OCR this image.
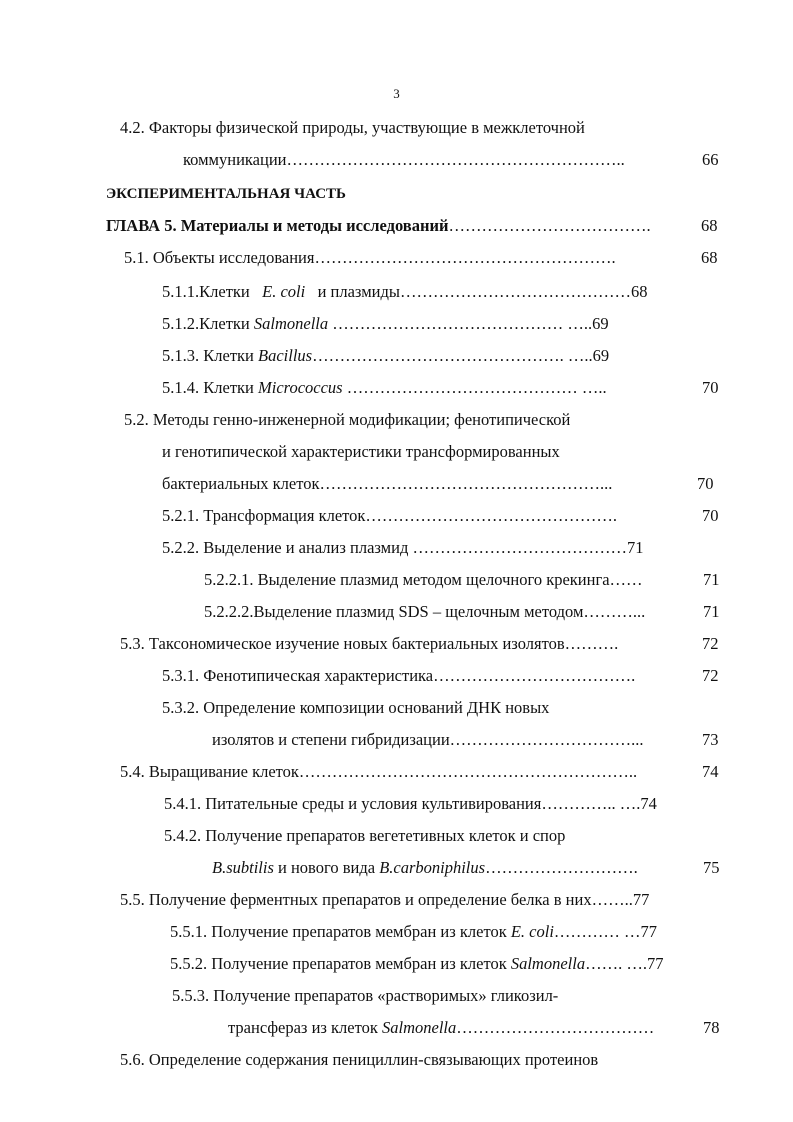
3
4.2. Факторы физической природы, участвующие в межклеточной
коммуникации……………………………………………………..	66
ЭКСПЕРИМЕНТАЛЬНАЯ ЧАСТЬ
ГЛАВА 5. Материалы и методы исследований……………………………….	68
5.1. Объекты исследования……………………………………………….	68
5.1.1.Клетки E. coli и плазмиды……………………………………68
5.1.2.Клетки Salmonella …………………………………… …..69
5.1.3. Клетки Bacillus………………………………………. …..69
5.1.4. Клетки Micrococcus …………………………………… …..	70
5.2. Методы генно-инженерной модификации; фенотипической
и генотипической характеристики трансформированных
бактериальных клеток……………………………………………...	70
5.2.1. Трансформация клеток……………………………………….	70
5.2.2. Выделение и анализ плазмид …………………………………71
5.2.2.1. Выделение плазмид методом щелочного крекинга……	71
5.2.2.2.Выделение плазмид SDS – щелочным методом………...	71
5.3. Таксономическое изучение новых бактериальных изолятов……….	72
5.3.1. Фенотипическая характеристика……………………………….	72
5.3.2. Определение композиции оснований ДНК новых
изолятов и степени гибридизации……………………………...	73
5.4. Выращивание клеток……………………………………………………..	74
5.4.1. Питательные среды и условия культивирования………….. ….74
5.4.2. Получение препаратов вегететивных клеток и спор
B.subtilis и нового вида B.carboniphilus……………………….	75
5.5. Получение ферментных препаратов и определение белка в них……..77
5.5.1. Получение препаратов мембран из клеток E. coli………… …77
5.5.2. Получение препаратов мембран из клеток Salmonella……. ….77
5.5.3. Получение препаратов «растворимых» гликозил-
трансфераз из клеток Salmonella………………………………	78
5.6. Определение содержания пенициллин-связывающих протеинов
